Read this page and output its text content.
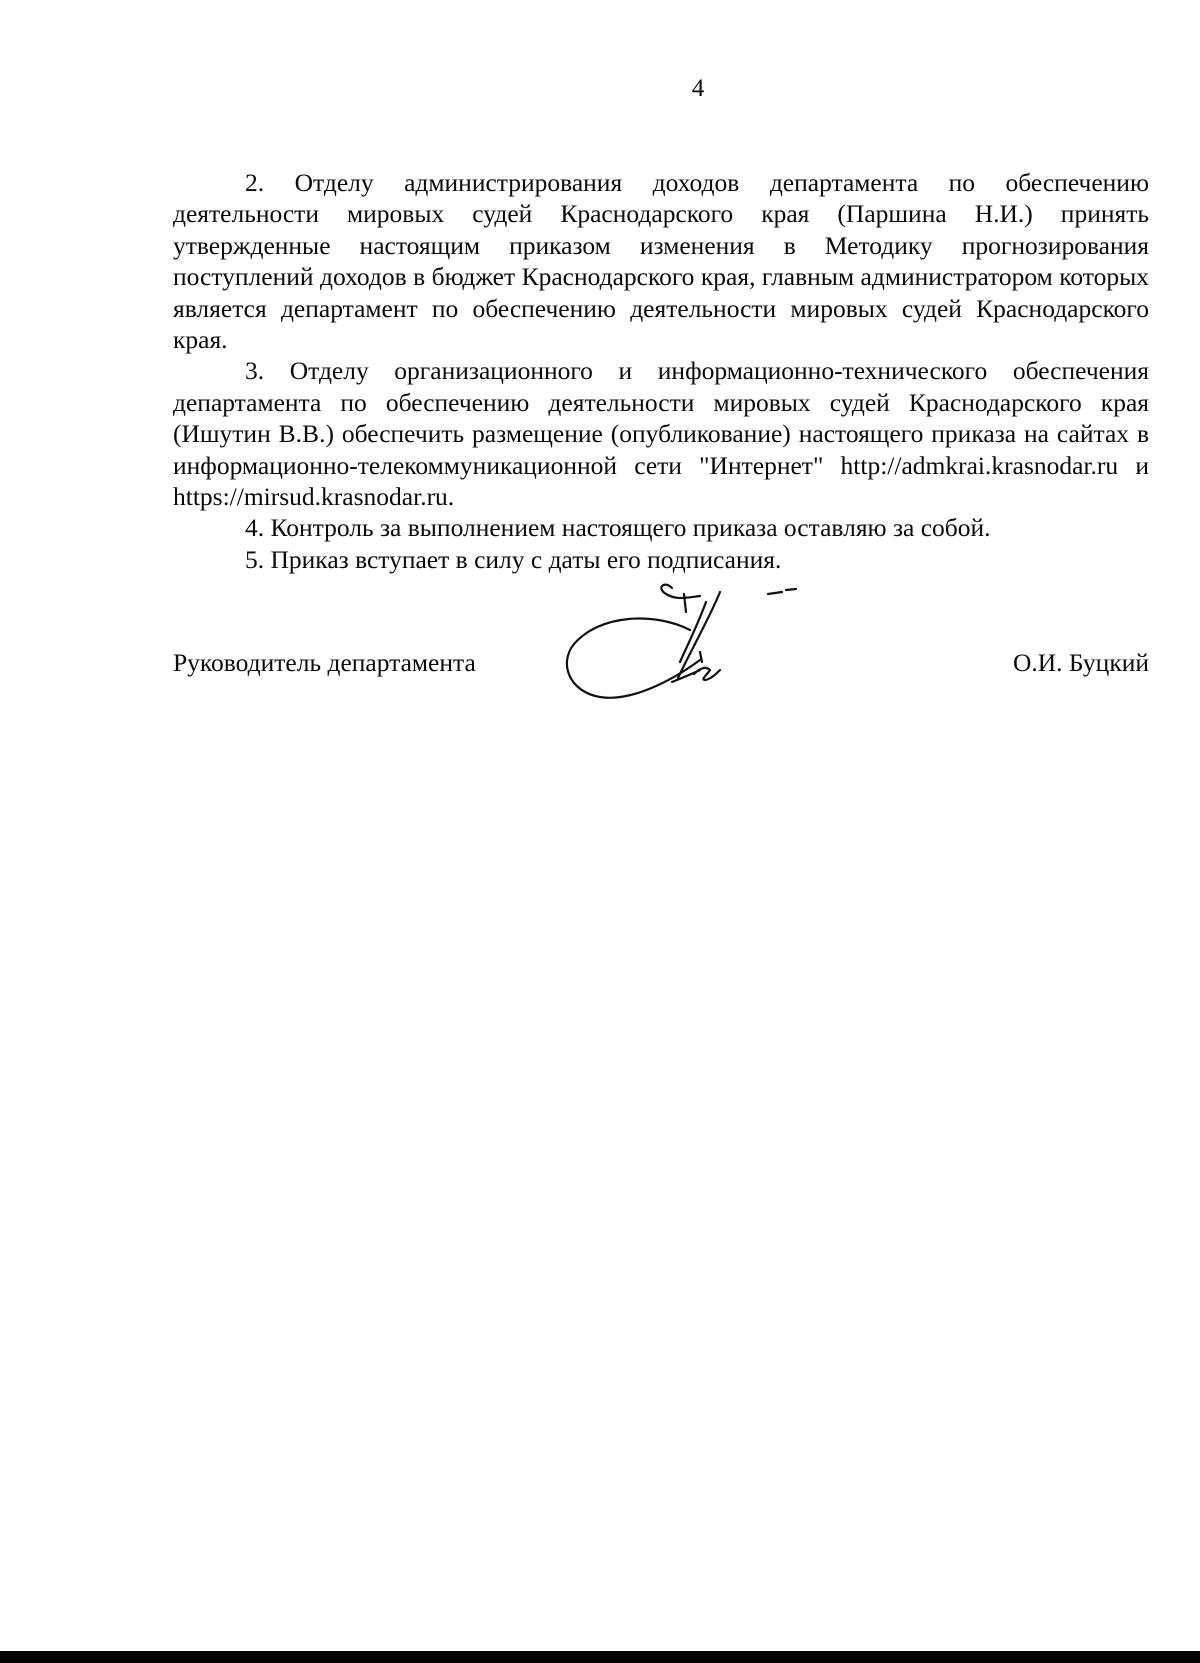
4

2. Отделу администрирования доходов департамента по обеспечению деятельности мировых судей Краснодарского края (Паршина Н.И.) принять утвержденные настоящим приказом изменения в Методику прогнозирования поступлений доходов в бюджет Краснодарского края, главным администратором которых является департамент по обеспечению деятельности мировых судей Краснодарского края.

3. Отделу организационного и информационно-технического обеспечения департамента по обеспечению деятельности мировых судей Краснодарского края (Ишутин В.В.) обеспечить размещение (опубликование) настоящего приказа на сайтах в информационно-телекоммуникационной сети "Интернет" http://admkrai.krasnodar.ru и https://mirsud.krasnodar.ru.

4. Контроль за выполнением настоящего приказа оставляю за собой.

5. Приказ вступает в силу с даты его подписания.

Руководитель департамента	О.И. Буцкий
